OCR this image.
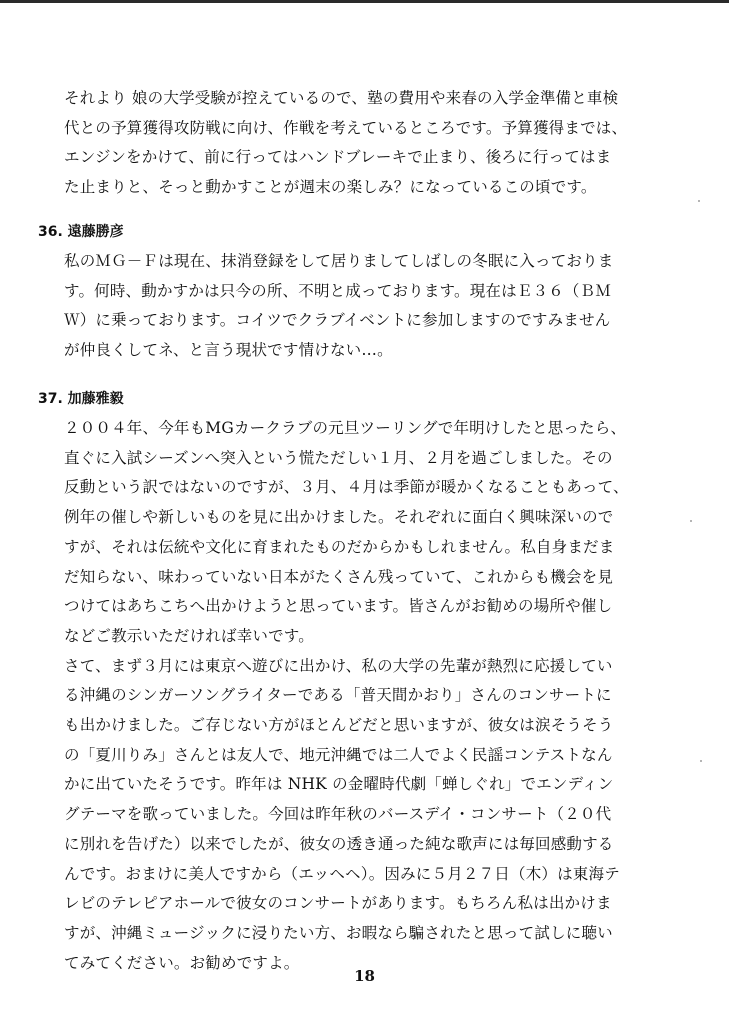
それより 娘の大学受験が控えているので、塾の費用や来春の入学金準備と車検

代との予算獲得攻防戦に向け、作戦を考えているところです。予算獲得までは、

エンジンをかけて、前に行ってはハンドブレーキで止まり、後ろに行ってはま

た止まりと、そっと動かすことが週末の楽しみ？になっているこの頃です。

36. 遠藤勝彦

私のＭＧ－Ｆは現在、抹消登録をして居りましてしばしの冬眠に入っておりま

す。何時、動かすかは只今の所、不明と成っております。現在はＥ３６（ＢＭ

Ｗ）に乗っております。コイツでクラブイベントに参加しますのですみません

が仲良くしてネ、と言う現状です情けない…。

37. 加藤雅毅

２００４年、今年もMGカークラブの元旦ツーリングで年明けしたと思ったら、

直ぐに入試シーズンへ突入という慌ただしい１月、２月を過ごしました。その

反動という訳ではないのですが、３月、４月は季節が暖かくなることもあって、

例年の催しや新しいものを見に出かけました。それぞれに面白く興味深いので

すが、それは伝統や文化に育まれたものだからかもしれません。私自身まだま

だ知らない、味わっていない日本がたくさん残っていて、これからも機会を見

つけてはあちこちへ出かけようと思っています。皆さんがお勧めの場所や催し

などご教示いただければ幸いです。

さて、まず３月には東京へ遊びに出かけ、私の大学の先輩が熱烈に応援してい

る沖縄のシンガーソングライターである「普天間かおり」さんのコンサートに

も出かけました。ご存じない方がほとんどだと思いますが、彼女は涙そうそう

の「夏川りみ」さんとは友人で、地元沖縄では二人でよく民謡コンテストなん

かに出ていたそうです。昨年は NHK の金曜時代劇「蝉しぐれ」でエンディン

グテーマを歌っていました。今回は昨年秋のバースデイ・コンサート（２０代

に別れを告げた）以来でしたが、彼女の透き通った純な歌声には毎回感動する

んです。おまけに美人ですから（エッヘヘ）。因みに５月２７日（木）は東海テ

レビのテレピアホールで彼女のコンサートがあります。もちろん私は出かけま

すが、沖縄ミュージックに浸りたい方、お暇なら騙されたと思って試しに聴い

てみてください。お勧めですよ。

18
